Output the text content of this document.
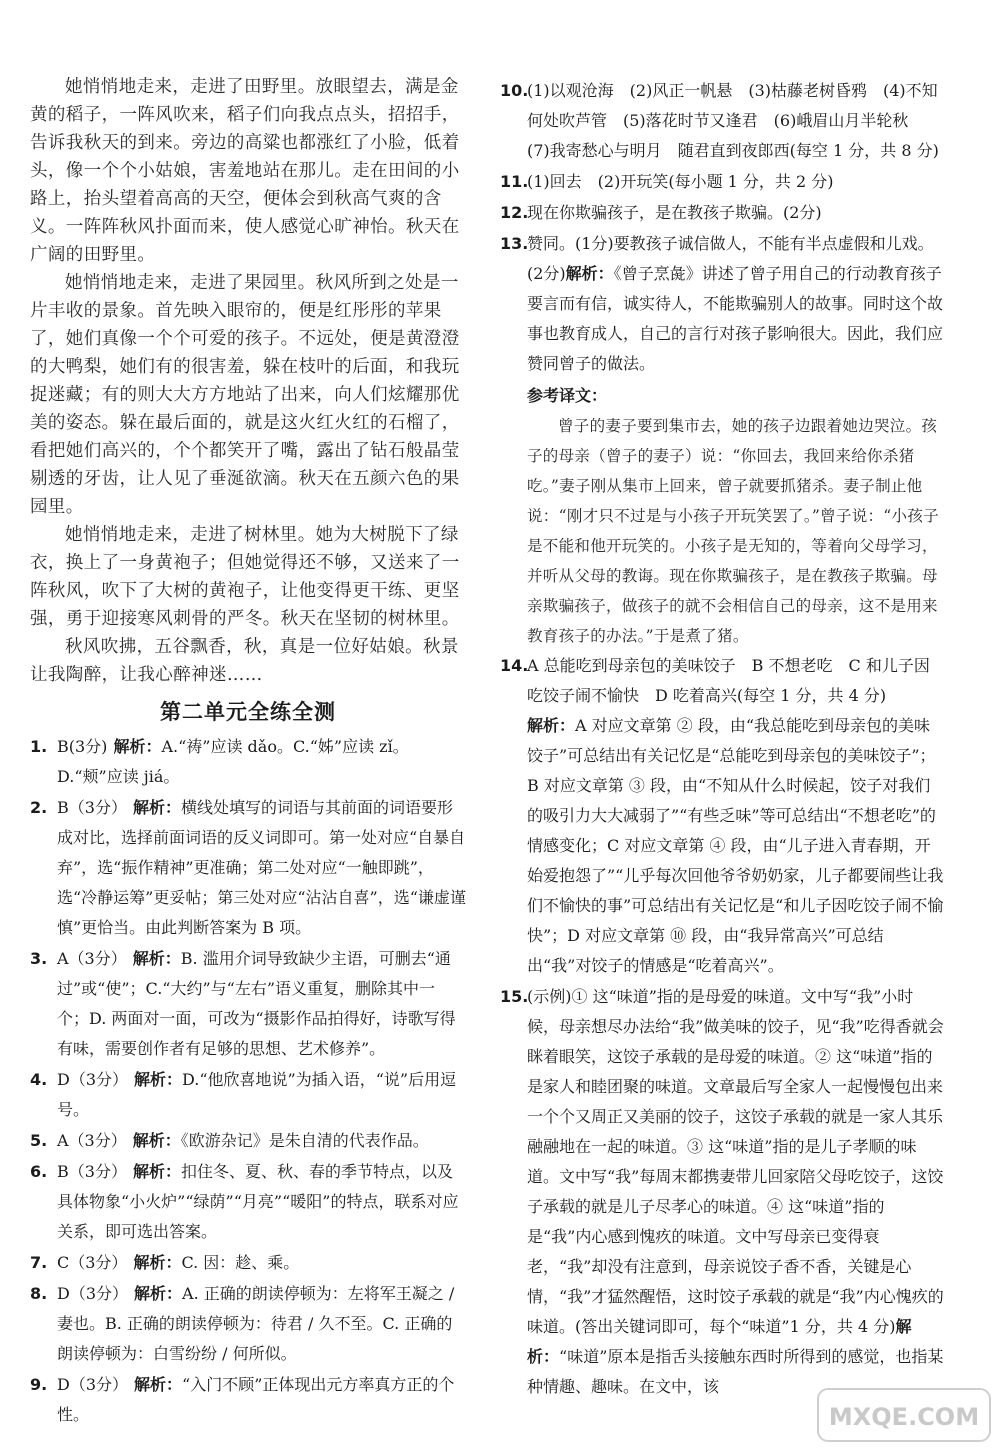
她悄悄地走来，走进了田野里。放眼望去，满是金黄的稻子，一阵风吹来，稻子们向我点点头，招招手，告诉我秋天的到来。旁边的高粱也都涨红了小脸，低着头，像一个个小姑娘，害羞地站在那儿。走在田间的小路上，抬头望着高高的天空，便体会到秋高气爽的含义。一阵阵秋风扑面而来，使人感觉心旷神怡。秋天在广阔的田野里。

她悄悄地走来，走进了果园里。秋风所到之处是一片丰收的景象。首先映入眼帘的，便是红彤彤的苹果了，她们真像一个个可爱的孩子。不远处，便是黄澄澄的大鸭梨，她们有的很害羞，躲在枝叶的后面，和我玩捉迷藏；有的则大大方方地站了出来，向人们炫耀那优美的姿态。躲在最后面的，就是这火红火红的石榴了，看把她们高兴的，个个都笑开了嘴，露出了钻石般晶莹剔透的牙齿，让人见了垂涎欲滴。秋天在五颜六色的果园里。

她悄悄地走来，走进了树林里。她为大树脱下了绿衣，换上了一身黄袍子；但她觉得还不够，又送来了一阵秋风，吹下了大树的黄袍子，让他变得更干练、更坚强，勇于迎接寒风刺骨的严冬。秋天在坚韧的树林里。

秋风吹拂，五谷飘香，秋，真是一位好姑娘。秋景让我陶醉，让我心醉神迷……

第二单元全练全测
1. B(3分) 解析：A.“祷”应读 dǎo。C.“姊”应读 zǐ。D.“颊”应读 jiá。
2. B（3分） 解析：横线处填写的词语与其前面的词语要形成对比，选择前面词语的反义词即可。第一处对应“自暴自弃”，选“振作精神”更准确；第二处对应“一触即跳”，选“冷静运筹”更妥帖；第三处对应“沾沾自喜”，选“谦虚谨慎”更恰当。由此判断答案为 B 项。
3. A（3分） 解析：B. 滥用介词导致缺少主语，可删去“通过”或“使”；C.“大约”与“左右”语义重复，删除其中一个；D. 两面对一面，可改为“摄影作品拍得好，诗歌写得有味，需要创作者有足够的思想、艺术修养”。
4. D（3分） 解析：D.“他欣喜地说”为插入语，“说”后用逗号。
5. A（3分） 解析：《欧游杂记》是朱自清的代表作品。
6. B（3分） 解析：扣住冬、夏、秋、春的季节特点，以及具体物象“小火炉”“绿荫”“月亮”“暖阳”的特点，联系对应关系，即可选出答案。
7. C（3分） 解析：C. 因：趁、乘。
8. D（3分） 解析：A. 正确的朗读停顿为：左将军王凝之 / 妻也。B. 正确的朗读停顿为：待君 / 久不至。C. 正确的朗读停顿为：白雪纷纷 / 何所似。
9. D（3分） 解析：“入门不顾”正体现出元方率真方正的个性。
10.
(1)以观沧海　(2)风正一帆悬　(3)枯藤老树昏鸦　(4)不知何处吹芦管　(5)落花时节又逢君　(6)峨眉山月半轮秋　(7)我寄愁心与明月　随君直到夜郎西(每空 1 分，共 8 分)
11.
(1)回去　(2)开玩笑(每小题 1 分，共 2 分)
12.
现在你欺骗孩子，是在教孩子欺骗。(2分)
13.
赞同。(1分)要教孩子诚信做人，不能有半点虚假和儿戏。(2分)解析：《曾子烹彘》讲述了曾子用自己的行动教育孩子要言而有信，诚实待人，不能欺骗别人的故事。同时这个故事也教育成人，自己的言行对孩子影响很大。因此，我们应赞同曾子的做法。
参考译文：

曾子的妻子要到集市去，她的孩子边跟着她边哭泣。孩子的母亲（曾子的妻子）说：“你回去，我回来给你杀猪吃。”妻子刚从集市上回来，曾子就要抓猪杀。妻子制止他说：“刚才只不过是与小孩子开玩笑罢了。”曾子说：“小孩子是不能和他开玩笑的。小孩子是无知的，等着向父母学习，并听从父母的教诲。现在你欺骗孩子，是在教孩子欺骗。母亲欺骗孩子，做孩子的就不会相信自己的母亲，这不是用来教育孩子的办法。”于是煮了猪。

14.
A 总能吃到母亲包的美味饺子　B 不想老吃　C 和儿子因吃饺子闹不愉快　D 吃着高兴(每空 1 分，共 4 分)
解析：A 对应文章第 ② 段，由“我总能吃到母亲包的美味饺子”可总结出有关记忆是“总能吃到母亲包的美味饺子”；B 对应文章第 ③ 段，由“不知从什么时候起，饺子对我们的吸引力大大减弱了”“有些乏味”等可总结出“不想老吃”的情感变化；C 对应文章第 ④ 段，由“儿子进入青春期，开始爱抱怨了”“儿乎每次回他爷爷奶奶家，儿子都要闹些让我们不愉快的事”可总结出有关记忆是“和儿子因吃饺子闹不愉快”；D 对应文章第 ⑩ 段，由“我异常高兴”可总结出“我”对饺子的情感是“吃着高兴”。
15.
(示例)① 这“味道”指的是母爱的味道。文中写“我”小时候，母亲想尽办法给“我”做美味的饺子，见“我”吃得香就会眯着眼笑，这饺子承载的是母爱的味道。② 这“味道”指的是家人和睦团聚的味道。文章最后写全家人一起慢慢包出来一个个又周正又美丽的饺子，这饺子承载的就是一家人其乐融融地在一起的味道。③ 这“味道”指的是儿子孝顺的味道。文中写“我”每周末都携妻带儿回家陪父母吃饺子，这饺子承载的就是儿子尽孝心的味道。④ 这“味道”指的是“我”内心感到愧疚的味道。文中写母亲已变得衰老，“我”却没有注意到，母亲说饺子香不香，关键是心情，“我”才猛然醒悟，这时饺子承载的就是“我”内心愧疚的味道。(答出关键词即可，每个“味道”1 分，共 4 分)解析：“味道”原本是指舌头接触东西时所得到的感觉，也指某种情趣、趣味。在文中，该
MXQE.COM
